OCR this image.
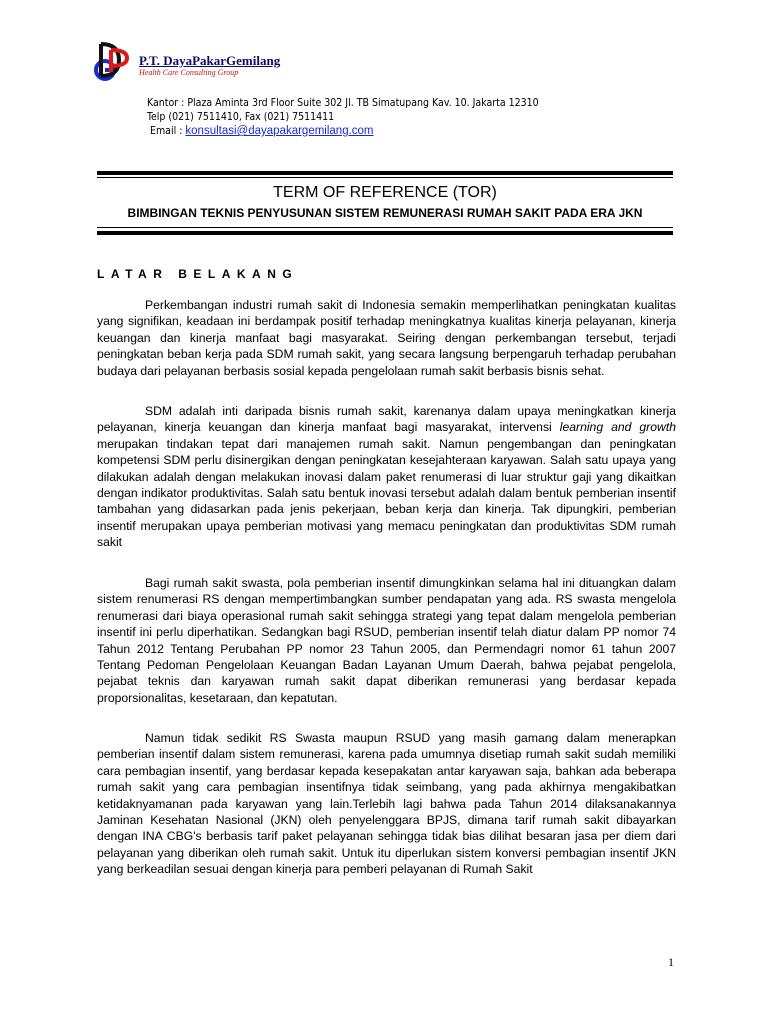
P.T. DayaPakarGemilang
Health Care Consulting Group
Kantor : Plaza Aminta 3rd Floor Suite 302 Jl. TB Simatupang Kav. 10. Jakarta 12310
Telp (021) 7511410, Fax (021) 7511411
Email : konsultasi@dayapakargemilang.com
TERM OF REFERENCE (TOR)
BIMBINGAN TEKNIS PENYUSUNAN SISTEM REMUNERASI RUMAH SAKIT PADA ERA JKN
LATAR BELAKANG

Perkembangan industri rumah sakit di Indonesia semakin memperlihatkan peningkatan kualitas yang signifikan, keadaan ini berdampak positif terhadap meningkatnya kualitas kinerja pelayanan, kinerja keuangan dan kinerja manfaat bagi masyarakat. Seiring dengan perkembangan tersebut, terjadi peningkatan beban kerja pada SDM rumah sakit, yang secara langsung berpengaruh terhadap perubahan budaya dari pelayanan berbasis sosial kepada pengelolaan rumah sakit berbasis bisnis sehat.

SDM adalah inti daripada bisnis rumah sakit, karenanya dalam upaya meningkatkan kinerja pelayanan, kinerja keuangan dan kinerja manfaat bagi masyarakat, intervensi learning and growth merupakan tindakan tepat dari manajemen rumah sakit. Namun pengembangan dan peningkatan kompetensi SDM perlu disinergikan dengan peningkatan kesejahteraan karyawan. Salah satu upaya yang dilakukan adalah dengan melakukan inovasi dalam paket renumerasi di luar struktur gaji yang dikaitkan dengan indikator produktivitas. Salah satu bentuk inovasi tersebut adalah dalam bentuk pemberian insentif tambahan yang didasarkan pada jenis pekerjaan, beban kerja dan kinerja. Tak dipungkiri, pemberian insentif merupakan upaya pemberian motivasi yang memacu peningkatan dan produktivitas SDM rumah sakit

Bagi rumah sakit swasta, pola pemberian insentif dimungkinkan selama hal ini dituangkan dalam sistem renumerasi RS dengan mempertimbangkan sumber pendapatan yang ada. RS swasta mengelola renumerasi dari biaya operasional rumah sakit sehingga strategi yang tepat dalam mengelola pemberian insentif ini perlu diperhatikan. Sedangkan bagi RSUD, pemberian insentif telah diatur dalam PP nomor 74 Tahun 2012 Tentang Perubahan PP nomor 23 Tahun 2005, dan Permendagri nomor 61 tahun 2007 Tentang Pedoman Pengelolaan Keuangan Badan Layanan Umum Daerah, bahwa pejabat pengelola, pejabat teknis dan karyawan rumah sakit dapat diberikan remunerasi yang berdasar kepada proporsionalitas, kesetaraan, dan kepatutan.

Namun tidak sedikit RS Swasta maupun RSUD yang masih gamang dalam menerapkan pemberian insentif dalam sistem remunerasi, karena pada umumnya disetiap rumah sakit sudah memiliki cara pembagian insentif, yang berdasar kepada kesepakatan antar karyawan saja, bahkan ada beberapa rumah sakit yang cara pembagian insentifnya tidak seimbang, yang pada akhirnya mengakibatkan ketidaknyamanan pada karyawan yang lain.Terlebih lagi bahwa pada Tahun 2014 dilaksanakannya Jaminan Kesehatan Nasional (JKN) oleh penyelenggara BPJS, dimana tarif rumah sakit dibayarkan dengan INA CBG's berbasis tarif paket pelayanan sehingga tidak bias dilihat besaran jasa per diem dari pelayanan yang diberikan oleh rumah sakit. Untuk itu diperlukan sistem konversi pembagian insentif JKN yang berkeadilan sesuai dengan kinerja para pemberi pelayanan di Rumah Sakit

1
